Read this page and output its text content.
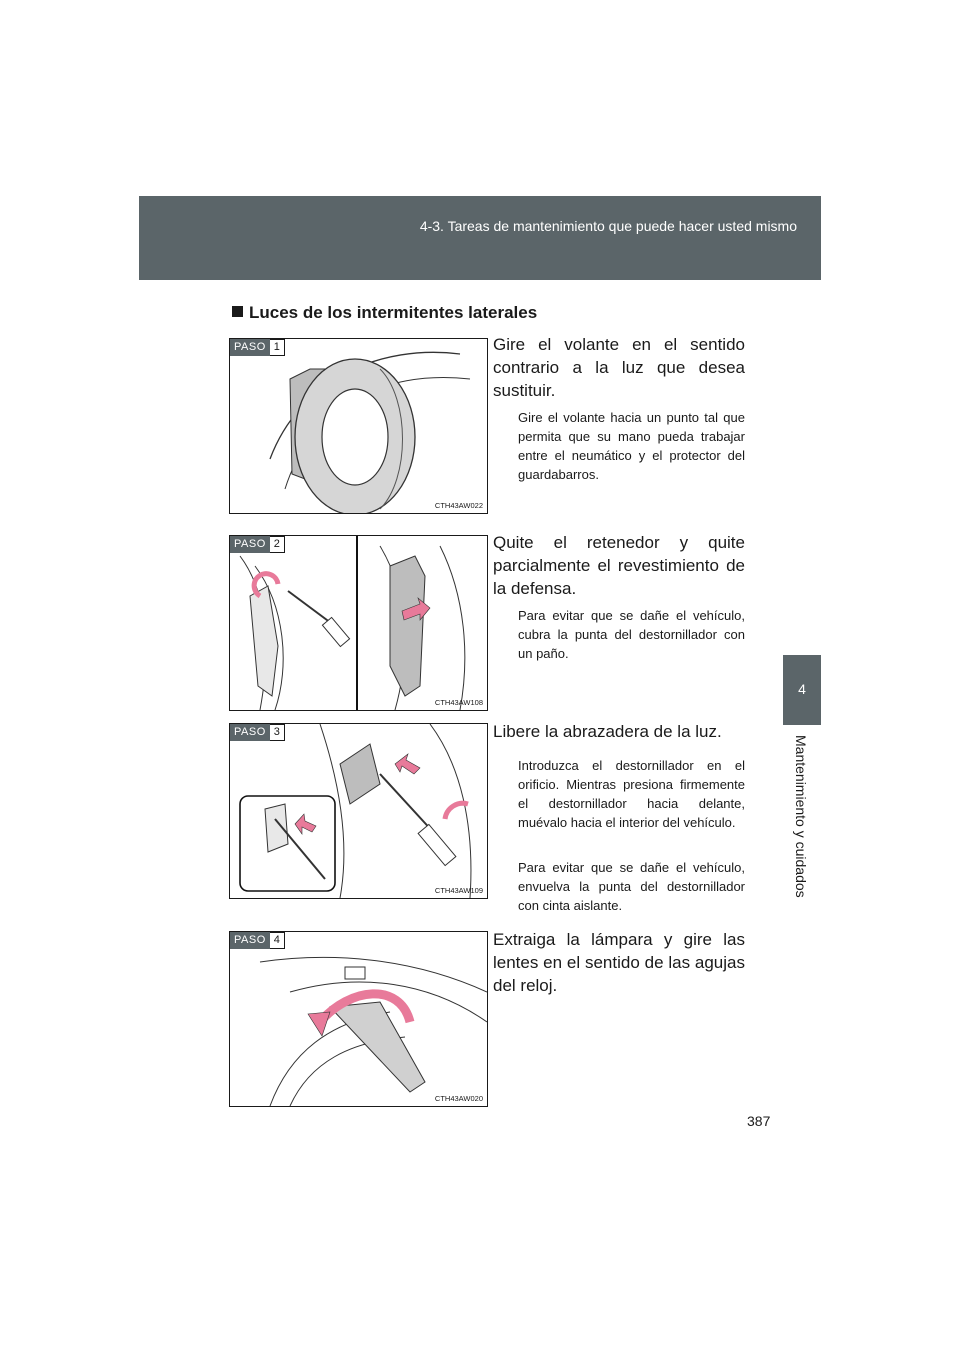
4-3. Tareas de mantenimiento que puede hacer usted mismo
4
Mantenimiento y cuidados
Luces de los intermitentes laterales
PASO 1
CTH43AW022
Gire el volante en el sentido contrario a la luz que desea sustituir.
Gire el volante hacia un punto tal que permita que su mano pueda trabajar entre el neumático y el protector del guardabarros.
PASO 2
CTH43AW108
Quite el retenedor y quite parcialmente el revestimiento de la defensa.
Para evitar que se dañe el vehículo, cubra la punta del destornillador con un paño.
PASO 3
CTH43AW109
Libere la abrazadera de la luz.
Introduzca el destornillador en el orificio. Mientras presiona firmemente el destornillador hacia delante, muévalo hacia el interior del vehículo.
Para evitar que se dañe el vehículo, envuelva la punta del destornillador con cinta aislante.
PASO 4
CTH43AW020
Extraiga la lámpara y gire las lentes en el sentido de las agujas del reloj.
387
